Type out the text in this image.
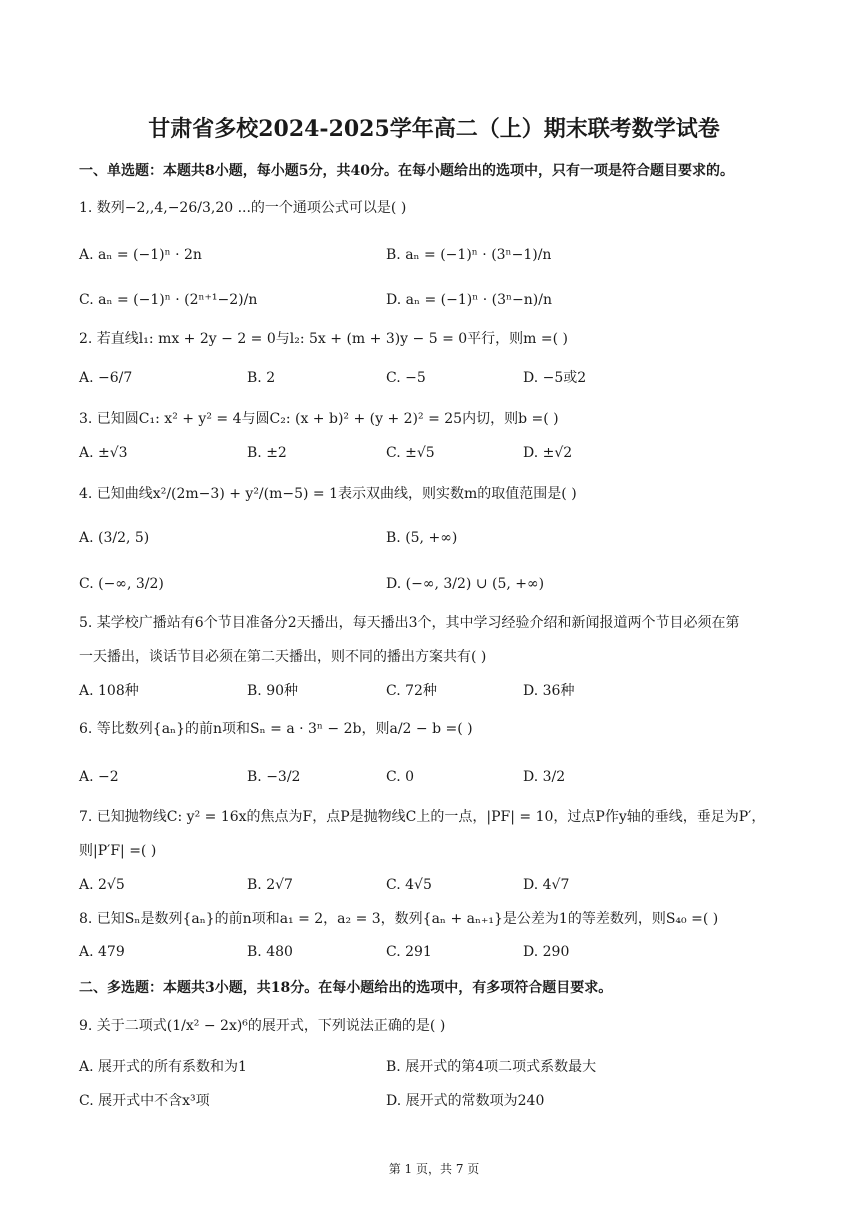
甘肃省多校2024-2025学年高二（上）期末联考数学试卷
一、单选题：本题共8小题，每小题5分，共40分。在每小题给出的选项中，只有一项是符合题目要求的。
1. 数列−2,,4,−26/3,20 ...的一个通项公式可以是( )
A. aₙ = (−1)ⁿ · 2n	B. aₙ = (−1)ⁿ · (3ⁿ−1)/n
C. aₙ = (−1)ⁿ · (2ⁿ⁺¹−2)/n	D. aₙ = (−1)ⁿ · (3ⁿ−n)/n
2. 若直线l₁: mx + 2y − 2 = 0与l₂: 5x + (m + 3)y − 5 = 0平行，则m =( )
A. −6/7	B. 2	C. −5	D. −5或2
3. 已知圆C₁: x² + y² = 4与圆C₂: (x + b)² + (y + 2)² = 25内切，则b =( )
A. ±√3	B. ±2	C. ±√5	D. ±√2
4. 已知曲线x²/(2m−3) + y²/(m−5) = 1表示双曲线，则实数m的取值范围是( )
A. (3/2, 5)	B. (5, +∞)
C. (−∞, 3/2)	D. (−∞, 3/2) ∪ (5, +∞)
5. 某学校广播站有6个节目准备分2天播出，每天播出3个，其中学习经验介绍和新闻报道两个节目必须在第
一天播出，谈话节目必须在第二天播出，则不同的播出方案共有( )
A. 108种	B. 90种	C. 72种	D. 36种
6. 等比数列{aₙ}的前n项和Sₙ = a · 3ⁿ − 2b，则a/2 − b =( )
A. −2	B. −3/2	C. 0	D. 3/2
7. 已知抛物线C: y² = 16x的焦点为F，点P是抛物线C上的一点，|PF| = 10，过点P作y轴的垂线，垂足为P′，
则|P′F| =( )
A. 2√5	B. 2√7	C. 4√5	D. 4√7
8. 已知Sₙ是数列{aₙ}的前n项和a₁ = 2，a₂ = 3，数列{aₙ + aₙ₊₁}是公差为1的等差数列，则S₄₀ =( )
A. 479	B. 480	C. 291	D. 290
二、多选题：本题共3小题，共18分。在每小题给出的选项中，有多项符合题目要求。
9. 关于二项式(1/x² − 2x)⁶的展开式，下列说法正确的是( )
A. 展开式的所有系数和为1	B. 展开式的第4项二项式系数最大
C. 展开式中不含x³项	D. 展开式的常数项为240
第 1 页，共 7 页
